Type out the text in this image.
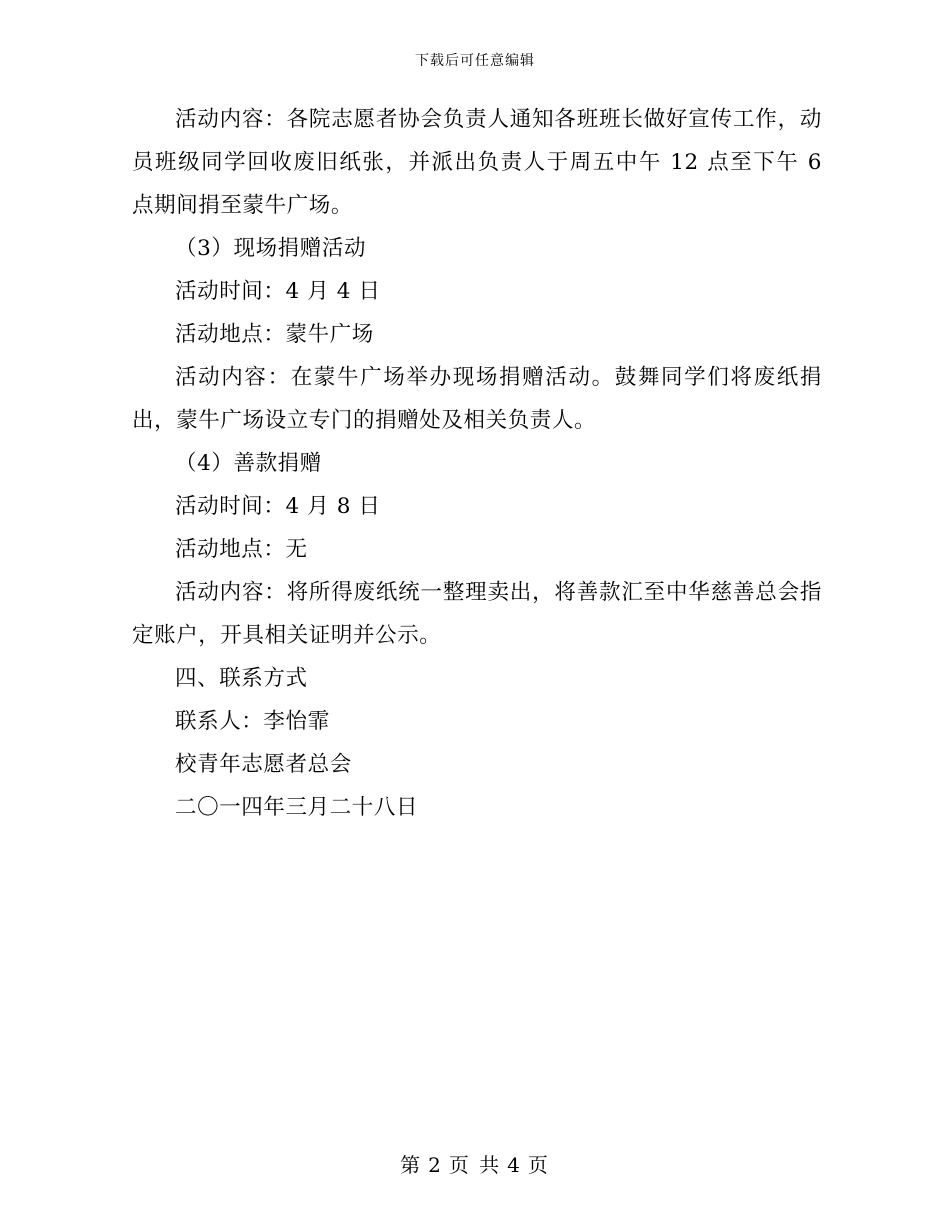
下载后可任意编辑

活动内容：各院志愿者协会负责人通知各班班长做好宣传工作，动员班级同学回收废旧纸张，并派出负责人于周五中午 12 点至下午 6 点期间捐至蒙牛广场。

（3）现场捐赠活动

活动时间：4 月 4 日

活动地点：蒙牛广场

活动内容：在蒙牛广场举办现场捐赠活动。鼓舞同学们将废纸捐出，蒙牛广场设立专门的捐赠处及相关负责人。

（4）善款捐赠

活动时间：4 月 8 日

活动地点：无

活动内容：将所得废纸统一整理卖出，将善款汇至中华慈善总会指定账户，开具相关证明并公示。

四、联系方式

联系人：李怡霏

校青年志愿者总会

二〇一四年三月二十八日

第 2 页 共 4 页
